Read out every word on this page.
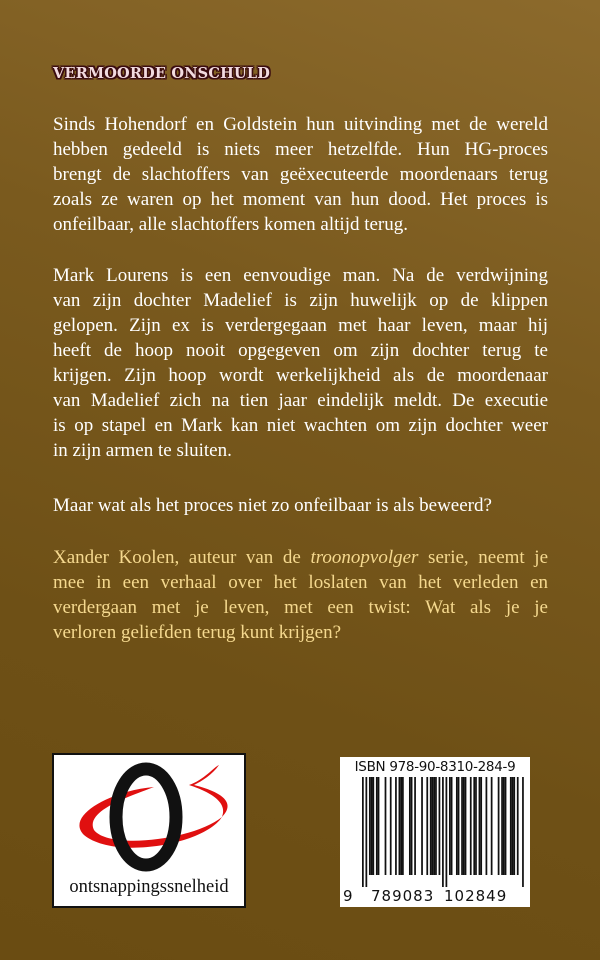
VERMOORDE ONSCHULD
Sinds Hohendorf en Goldstein hun uitvinding met de wereld
hebben gedeeld is niets meer hetzelfde. Hun HG-proces
brengt de slachtoffers van geëxecuteerde moordenaars terug
zoals ze waren op het moment van hun dood. Het proces is
onfeilbaar, alle slachtoffers komen altijd terug.
Mark Lourens is een eenvoudige man. Na de verdwijning
van zijn dochter Madelief is zijn huwelijk op de klippen
gelopen. Zijn ex is verdergegaan met haar leven, maar hij
heeft de hoop nooit opgegeven om zijn dochter terug te
krijgen. Zijn hoop wordt werkelijkheid als de moordenaar
van Madelief zich na tien jaar eindelijk meldt. De executie
is op stapel en Mark kan niet wachten om zijn dochter weer
in zijn armen te sluiten.
Maar wat als het proces niet zo onfeilbaar is als beweerd?
Xander Koolen, auteur van de troonopvolger serie, neemt je
mee in een verhaal over het loslaten van het verleden en
verdergaan met je leven, met een twist: Wat als je je
verloren geliefden terug kunt krijgen?
ontsnappingssnelheid
ISBN 978-90-8310-284-9
9 789083 102849
